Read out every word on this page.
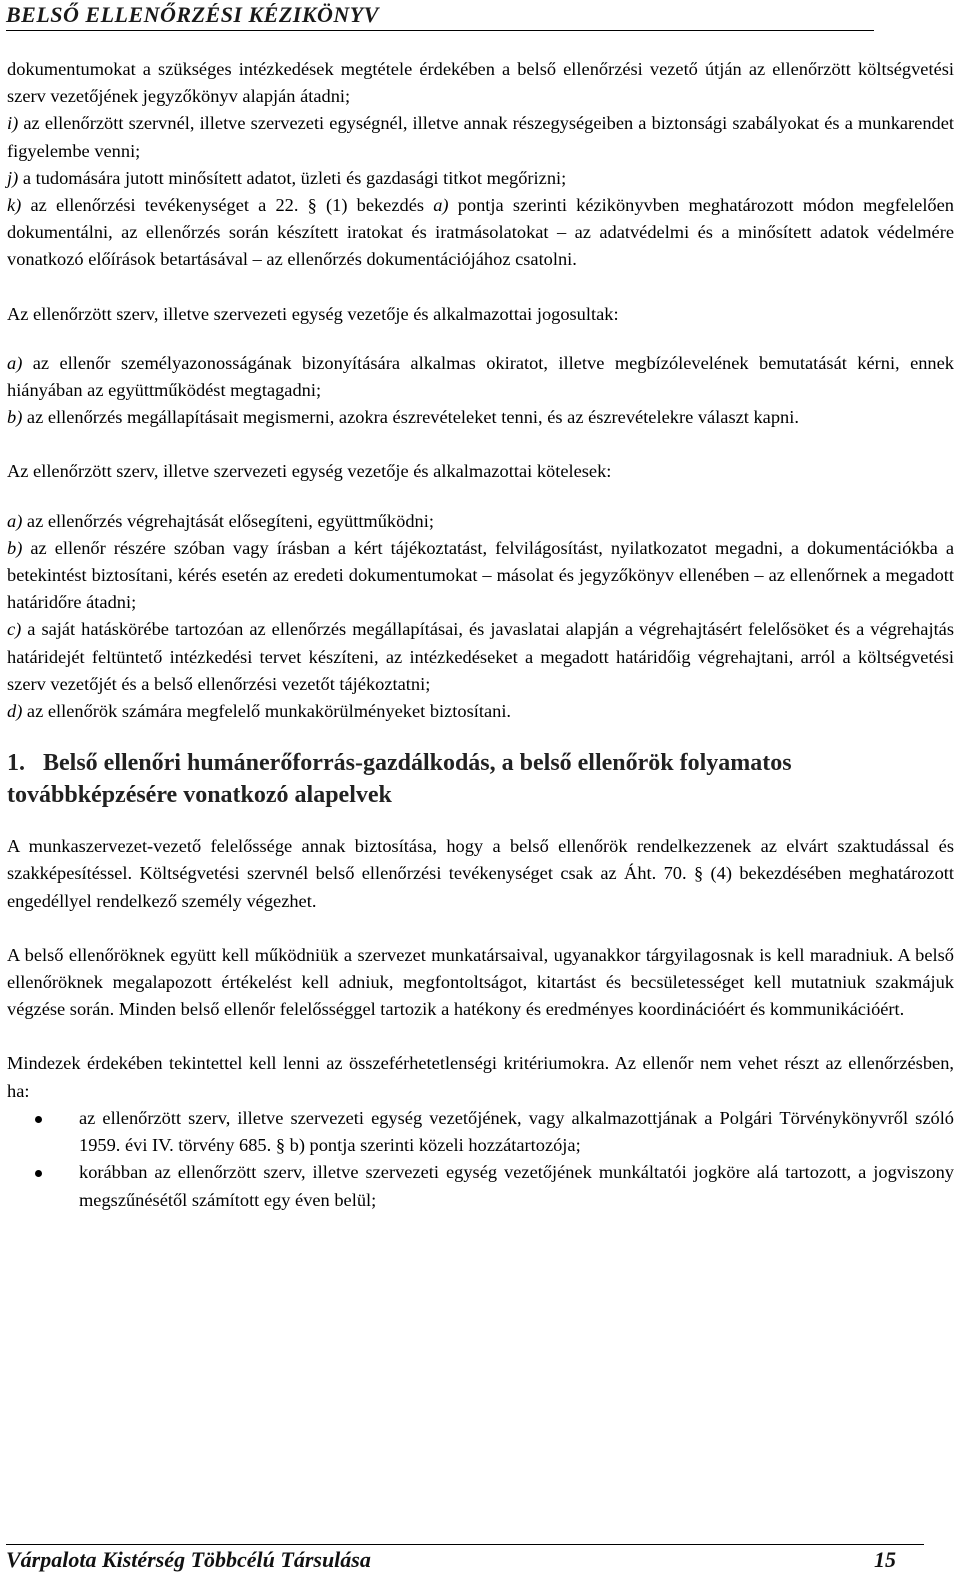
BELSŐ ELLENŐRZÉSI KÉZIKÖNYV

dokumentumokat a szükséges intézkedések megtétele érdekében a belső ellenőrzési vezető útján az ellenőrzött költségvetési szerv vezetőjének jegyzőkönyv alapján átadni;

i) az ellenőrzött szervnél, illetve szervezeti egységnél, illetve annak részegységeiben a biztonsági szabályokat és a munkarendet figyelembe venni;

j) a tudomására jutott minősített adatot, üzleti és gazdasági titkot megőrizni;

k) az ellenőrzési tevékenységet a 22. § (1) bekezdés a) pontja szerinti kézikönyvben meghatározott módon megfelelően dokumentálni, az ellenőrzés során készített iratokat és iratmásolatokat – az adatvédelmi és a minősített adatok védelmére vonatkozó előírások betartásával – az ellenőrzés dokumentációjához csatolni.

Az ellenőrzött szerv, illetve szervezeti egység vezetője és alkalmazottai jogosultak:

a) az ellenőr személyazonosságának bizonyítására alkalmas okiratot, illetve megbízólevelének bemutatását kérni, ennek hiányában az együttműködést megtagadni;

b) az ellenőrzés megállapításait megismerni, azokra észrevételeket tenni, és az észrevételekre választ kapni.

Az ellenőrzött szerv, illetve szervezeti egység vezetője és alkalmazottai kötelesek:

a) az ellenőrzés végrehajtását elősegíteni, együttműködni;

b) az ellenőr részére szóban vagy írásban a kért tájékoztatást, felvilágosítást, nyilatkozatot megadni, a dokumentációkba a betekintést biztosítani, kérés esetén az eredeti dokumentumokat – másolat és jegyzőkönyv ellenében – az ellenőrnek a megadott határidőre átadni;

c) a saját hatáskörébe tartozóan az ellenőrzés megállapításai, és javaslatai alapján a végrehajtásért felelősöket és a végrehajtás határidejét feltüntető intézkedési tervet készíteni, az intézkedéseket a megadott határidőig végrehajtani, arról a költségvetési szerv vezetőjét és a belső ellenőrzési vezetőt tájékoztatni;

d) az ellenőrök számára megfelelő munkakörülményeket biztosítani.

1. Belső ellenőri humánerőforrás-gazdálkodás, a belső ellenőrök folyamatos továbbképzésére vonatkozó alapelvek

A munkaszervezet-vezető felelőssége annak biztosítása, hogy a belső ellenőrök rendelkezzenek az elvárt szaktudással és szakképesítéssel. Költségvetési szervnél belső ellenőrzési tevékenységet csak az Áht. 70. § (4) bekezdésében meghatározott engedéllyel rendelkező személy végezhet.

A belső ellenőröknek együtt kell működniük a szervezet munkatársaival, ugyanakkor tárgyilagosnak is kell maradniuk. A belső ellenőröknek megalapozott értékelést kell adniuk, megfontoltságot, kitartást és becsületességet kell mutatniuk szakmájuk végzése során. Minden belső ellenőr felelősséggel tartozik a hatékony és eredményes koordinációért és kommunikációért.

Mindezek érdekében tekintettel kell lenni az összeférhetetlenségi kritériumokra. Az ellenőr nem vehet részt az ellenőrzésben, ha:

az ellenőrzött szerv, illetve szervezeti egység vezetőjének, vagy alkalmazottjának a Polgári Törvénykönyvről szóló 1959. évi IV. törvény 685. § b) pontja szerinti közeli hozzátartozója;
korábban az ellenőrzött szerv, illetve szervezeti egység vezetőjének munkáltatói jogköre alá tartozott, a jogviszony megszűnésétől számított egy éven belül;
Várpalota Kistérség Többcélú Társulása	15
